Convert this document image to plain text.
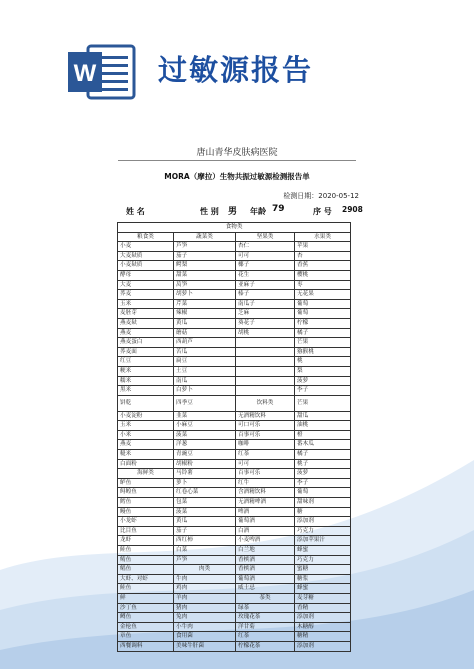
W 过敏源报告
唐山青华皮肤病医院
MORA（摩拉）生物共振过敏源检测报告单
检测日期：2020-05-12
姓 名	性 别 男 年龄 79	序 号 2908
食物类			
粮食类	蔬菜类	坚果类	水果类
小麦	芦笋	杏仁	苹果
大麦麸质	茄子	可可	杏
小麦麸质	鳄梨	椰子	香蕉
酵母	甜菜	花生	樱桃
大麦	莴笋	亚麻子	枣
荞麦	胡萝卜	榛子	无花果
玉米	芹菜	南瓜子	葡萄
麦胚芽	辣椒	芝麻	葡萄
燕麦麸	黄瓜	葵花子	柠檬
燕麦	蘑菇	胡桃	橘子
燕麦蛋白	西葫芦		芒果
荞麦面	苦瓜		猕猴桃
红豆	扁豆		桃
粳米	土豆		梨
糯米	南瓜		菠萝
黑米	白萝卜		李子
饼乾	四季豆	饮料类	芒果
小麦淀粉	韭菜	无酒精饮料	甜瓜
玉米	小麻豆	可口可乐	油桃
小米	菠菜	百事可乐	橙
燕麦	洋葱	咖啡	番木瓜
糙米	青豌豆	红茶	橘子
白面粉	胡椒粉	可可	桃子
海鲜类	马铃薯	百事可乐	菠萝
鲈鱼	萝卜	红牛	李子
鲟鳇鱼	红卷心菜	含酒精饮料	葡萄
鳕鱼	包菜	无酒精啤酒	甜味剂
鳗鱼	菠菜	啤酒	糖
小龙虾	黄瓜	葡萄酒	添加剂
比目鱼	茄子	白酒	巧克力
龙虾	西红柿	小麦啤酒	添加苹果汁
鲑鱼	白菜	白兰地	蜂蜜
鲭鱼	芦笋	香槟酒	巧克力
鲳鱼	肉类	香槟酒	蜜糖
大虾、对虾	牛肉	葡萄酒	糖浆
鲑鱼	鸡肉	威士忌	蜂蜜
鲜	羊肉	茶类	麦芽糖
沙丁鱼	猪肉	绿茶	香精
鳟鱼	兔肉	玫瑰花茶	添加剂
金枪鱼	小牛肉	洋甘菊	木糖醇
章鱼	食用菌	红茶	糖精
西餐调料	美味牛肝菌	柠檬花茶	添加剂
